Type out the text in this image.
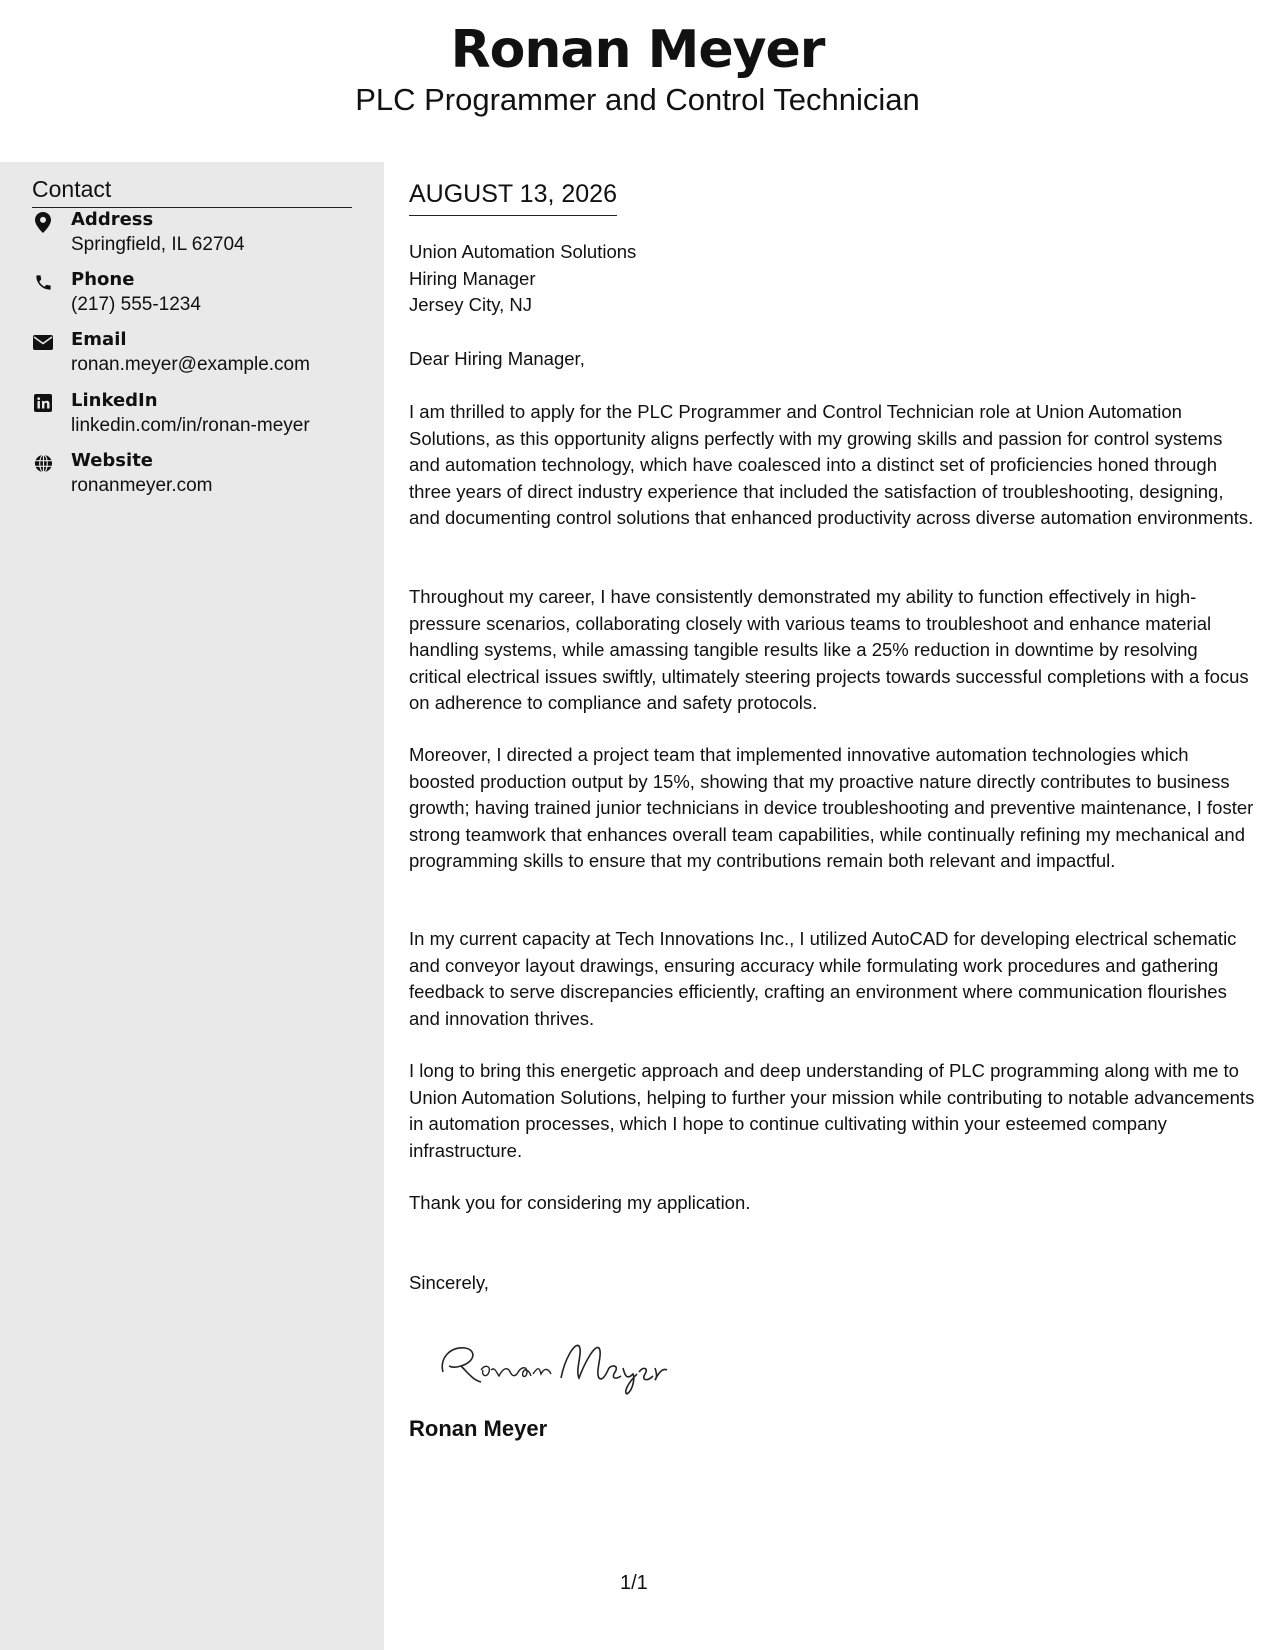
Ronan Meyer
PLC Programmer and Control Technician
Contact
Address
Springfield, IL 62704
Phone
(217) 555-1234
Email
ronan.meyer@example.com
LinkedIn
linkedin.com/in/ronan-meyer
Website
ronanmeyer.com
AUGUST 13, 2026
Union Automation Solutions
Hiring Manager
Jersey City, NJ
Dear Hiring Manager,

I am thrilled to apply for the PLC Programmer and Control Technician role at Union Automation Solutions, as this opportunity aligns perfectly with my growing skills and passion for control systems and automation technology, which have coalesced into a distinct set of proficiencies honed through three years of direct industry experience that included the satisfaction of troubleshooting, designing, and documenting control solutions that enhanced productivity across diverse automation environments.

Throughout my career, I have consistently demonstrated my ability to function effectively in high-pressure scenarios, collaborating closely with various teams to troubleshoot and enhance material handling systems, while amassing tangible results like a 25% reduction in downtime by resolving critical electrical issues swiftly, ultimately steering projects towards successful completions with a focus on adherence to compliance and safety protocols.

Moreover, I directed a project team that implemented innovative automation technologies which boosted production output by 15%, showing that my proactive nature directly contributes to business growth; having trained junior technicians in device troubleshooting and preventive maintenance, I foster strong teamwork that enhances overall team capabilities, while continually refining my mechanical and programming skills to ensure that my contributions remain both relevant and impactful.

In my current capacity at Tech Innovations Inc., I utilized AutoCAD for developing electrical schematic and conveyor layout drawings, ensuring accuracy while formulating work procedures and gathering feedback to serve discrepancies efficiently, crafting an environment where communication flourishes and innovation thrives.

I long to bring this energetic approach and deep understanding of PLC programming along with me to Union Automation Solutions, helping to further your mission while contributing to notable advancements in automation processes, which I hope to continue cultivating within your esteemed company infrastructure.

Thank you for considering my application.

Sincerely,
Ronan Meyer
1/1
